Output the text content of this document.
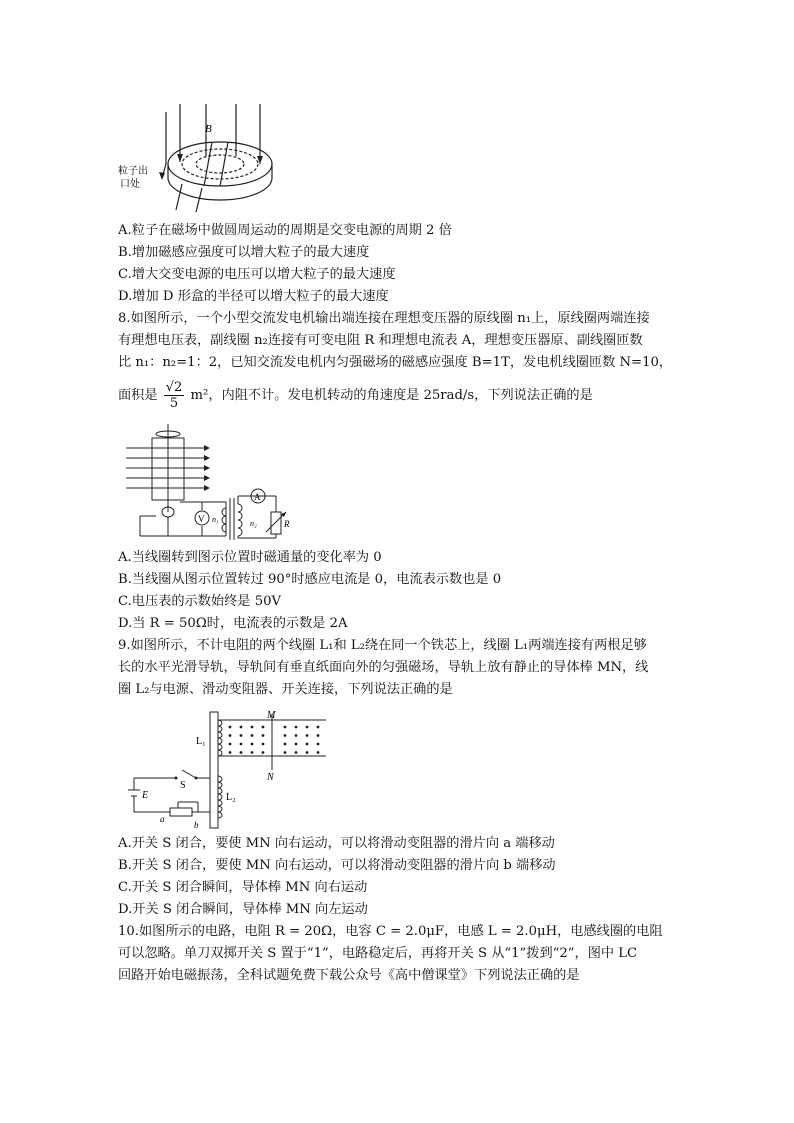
B
粒子出
口处
A.粒子在磁场中做圆周运动的周期是交变电源的周期 2 倍
B.增加磁感应强度可以增大粒子的最大速度
C.增大交变电源的电压可以增大粒子的最大速度
D.增加 D 形盒的半径可以增大粒子的最大速度
8.如图所示，一个小型交流发电机输出端连接在理想变压器的原线圈 n₁上，原线圈两端连接
有理想电压表，副线圈 n₂连接有可变电阻 R 和理想电流表 A，理想变压器原、副线圈匝数
比 n₁：n₂=1：2，已知交流发电机内匀强磁场的磁感应强度 B=1T，发电机线圈匝数 N=10，
面积是 $\frac{√2}{5} m^2$，内阻不计。发电机转动的角速度是 25rad/s，下列说法正确的是
V
A
n₁	n₂	R
A.当线圈转到图示位置时磁通量的变化率为 0
B.当线圈从图示位置转过 90°时感应电流是 0，电流表示数也是 0
C.电压表的示数始终是 50V
D.当 R = 50Ω时，电流表的示数是 2A
9.如图所示，不计电阻的两个线圈 L₁和 L₂绕在同一个铁芯上，线圈 L₁两端连接有两根足够
长的水平光滑导轨，导轨间有垂直纸面向外的匀强磁场，导轨上放有静止的导体棒 MN，线
圈 L₂与电源、滑动变阻器、开关连接，下列说法正确的是
M
N
L₁
L₂
S
E
a
b
A.开关 S 闭合，要使 MN 向右运动，可以将滑动变阻器的滑片向 a 端移动
B.开关 S 闭合，要使 MN 向右运动，可以将滑动变阻器的滑片向 b 端移动
C.开关 S 闭合瞬间，导体棒 MN 向右运动
D.开关 S 闭合瞬间，导体棒 MN 向左运动
10.如图所示的电路，电阻 R = 20Ω，电容 C = 2.0μF，电感 L = 2.0μH，电感线圈的电阻
可以忽略。单刀双掷开关 S 置于“1”，电路稳定后，再将开关 S 从“1”拨到“2”，图中 LC
回路开始电磁振荡，全科试题免费下载公众号《高中僧课堂》下列说法正确的是
